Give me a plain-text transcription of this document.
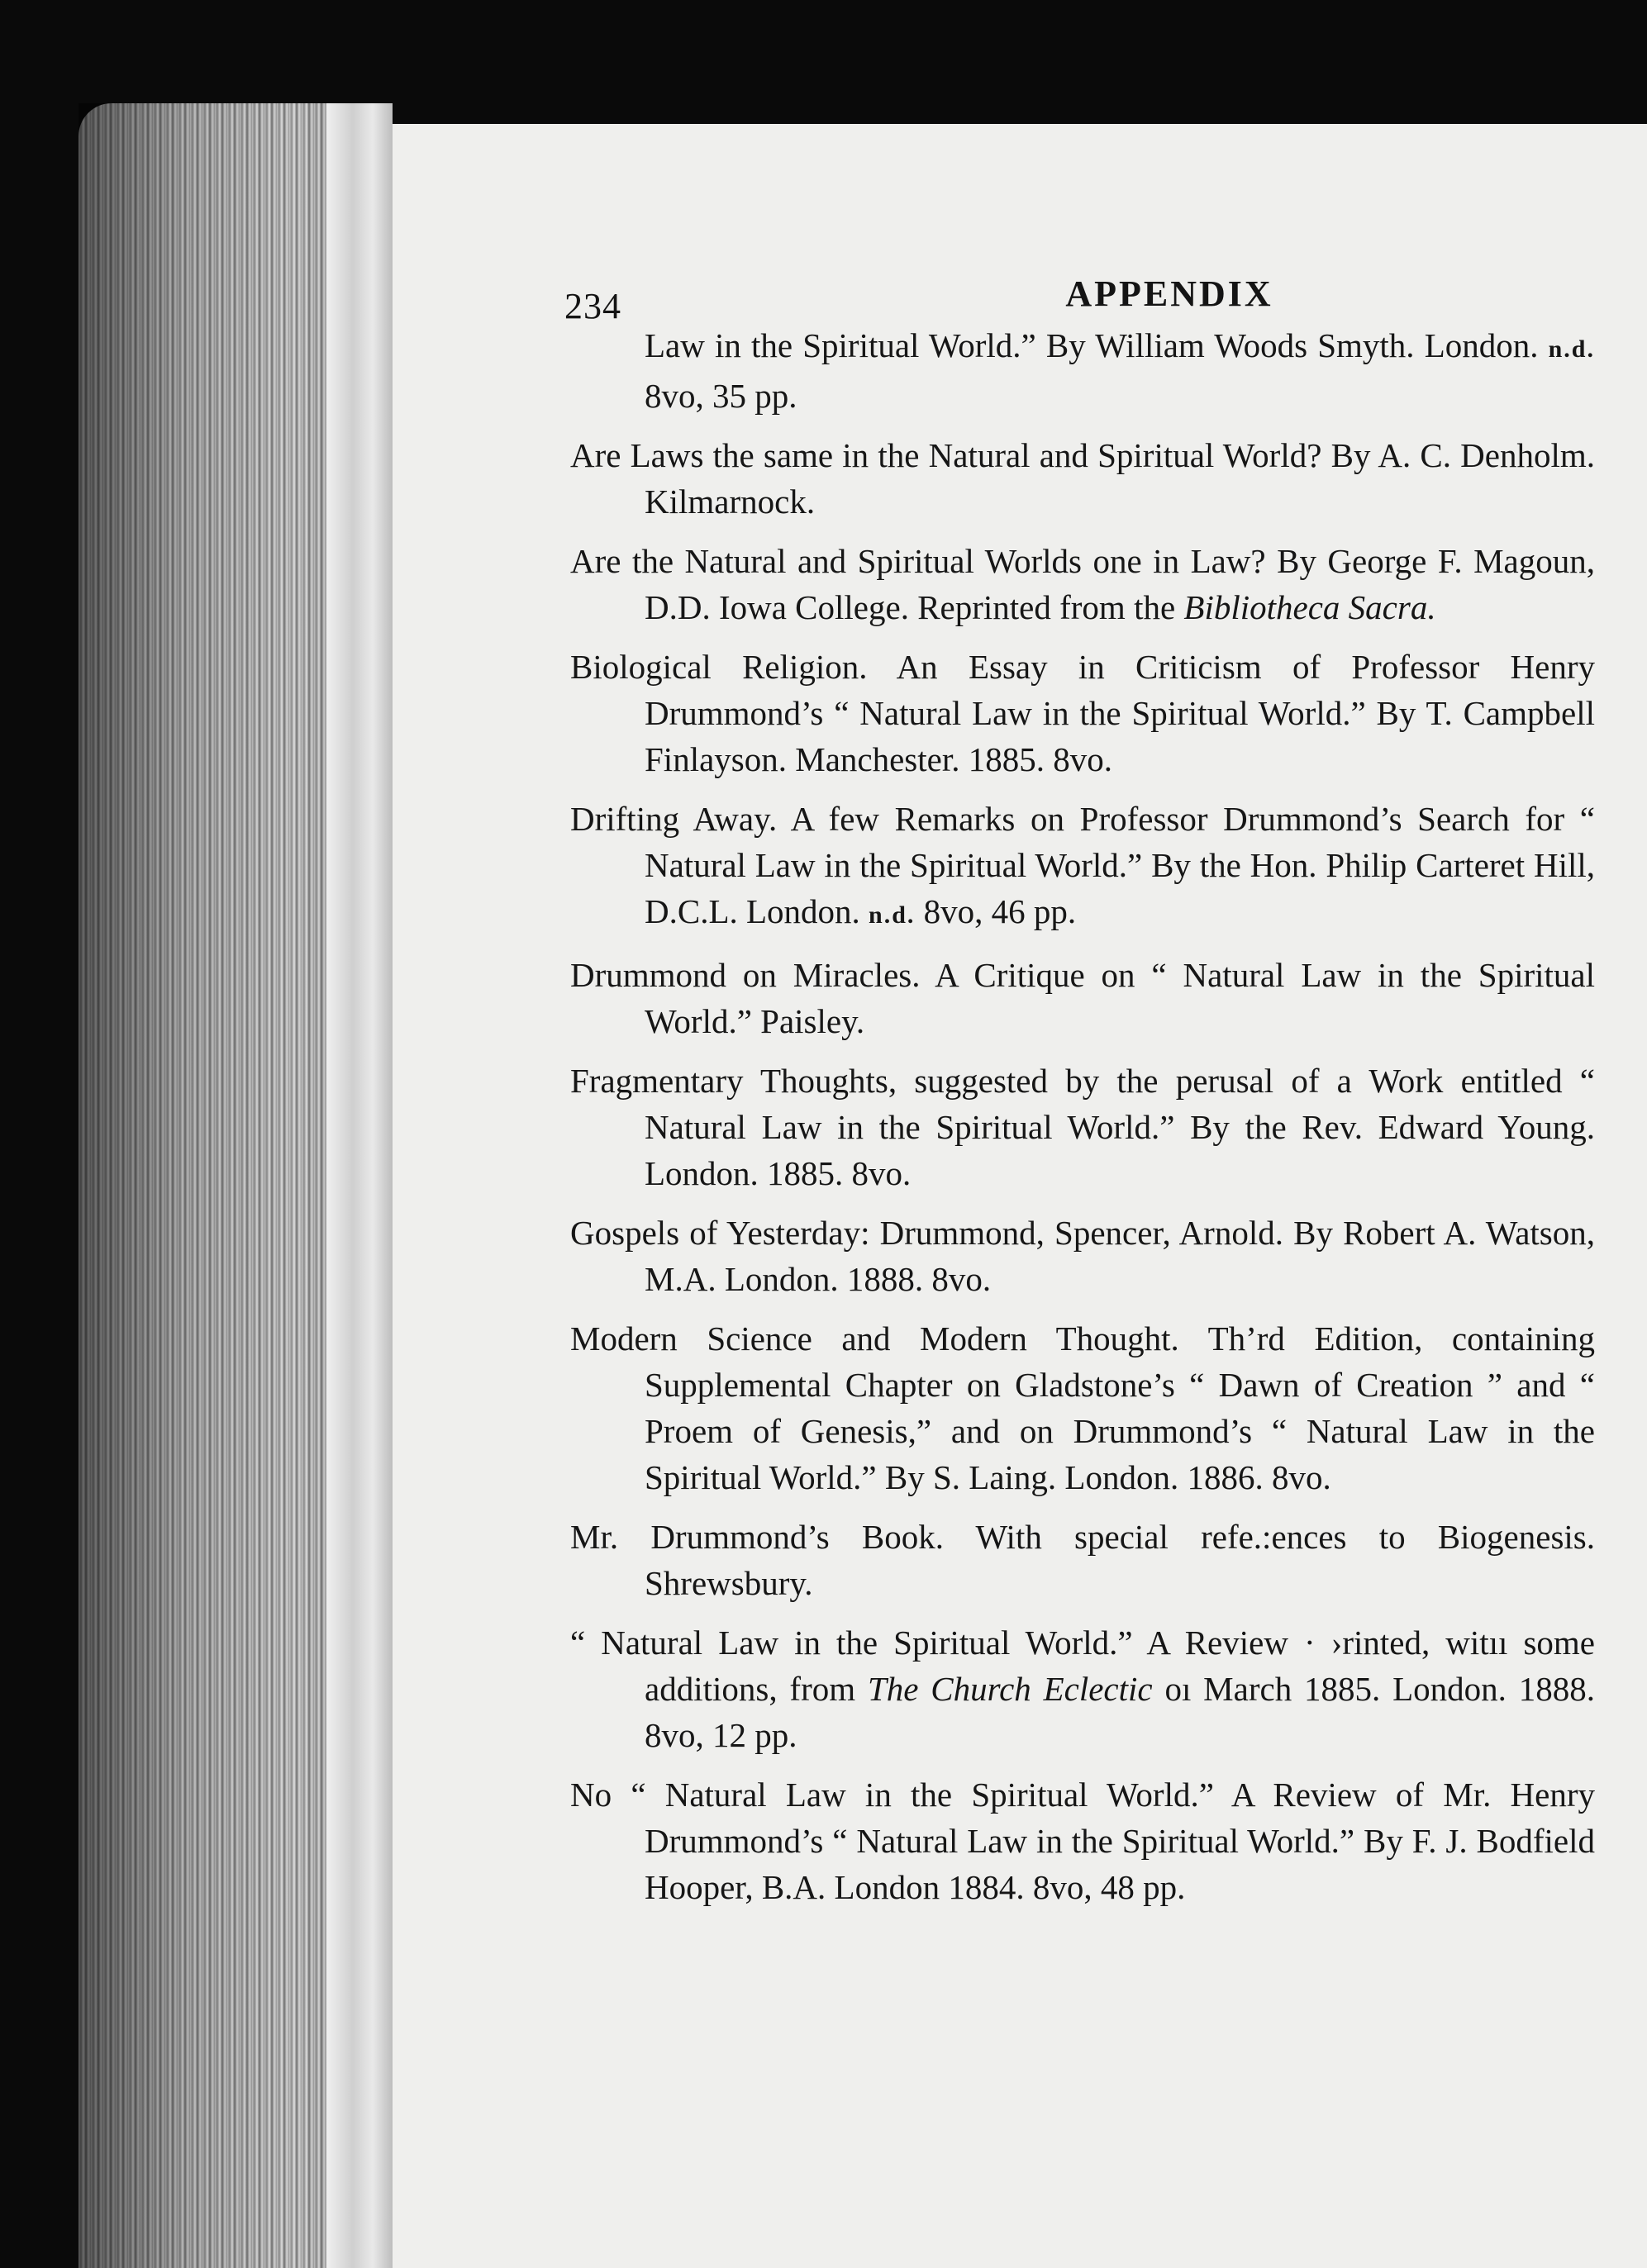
234	APPENDIX

Law in the Spiritual World.” By William Woods Smyth. London. n.d. 8vo, 35 pp.

Are Laws the same in the Natural and Spiritual World? By A. C. Denholm. Kilmarnock.

Are the Natural and Spiritual Worlds one in Law? By George F. Magoun, D.D. Iowa College. Reprinted from the Bibliotheca Sacra.

Biological Religion. An Essay in Criticism of Professor Henry Drummond’s “ Natural Law in the Spiritual World.” By T. Campbell Finlayson. Manchester. 1885. 8vo.

Drifting Away. A few Remarks on Professor Drummond’s Search for “ Natural Law in the Spiritual World.” By the Hon. Philip Carteret Hill, D.C.L. London. n.d. 8vo, 46 pp.

Drummond on Miracles. A Critique on “ Natural Law in the Spiritual World.” Paisley.

Fragmentary Thoughts, suggested by the perusal of a Work entitled “ Natural Law in the Spiritual World.” By the Rev. Edward Young. London. 1885. 8vo.

Gospels of Yesterday: Drummond, Spencer, Arnold. By Robert A. Watson, M.A. London. 1888. 8vo.

Modern Science and Modern Thought. Th’rd Edition, containing Supplemental Chapter on Gladstone’s “ Dawn of Creation ” and “ Proem of Genesis,” and on Drummond’s “ Natural Law in the Spiritual World.” By S. Laing. London. 1886. 8vo.

Mr. Drummond’s Book. With special refe.:ences to Biogenesis. Shrewsbury.

“ Natural Law in the Spiritual World.” A Review · ›rinted, witıı some additions, from The Church Eclectic oı March 1885. London. 1888. 8vo, 12 pp.

No “ Natural Law in the Spiritual World.” A Review of Mr. Henry Drummond’s “ Natural Law in the Spiritual World.” By F. J. Bodfield Hooper, B.A. London 1884. 8vo, 48 pp.
